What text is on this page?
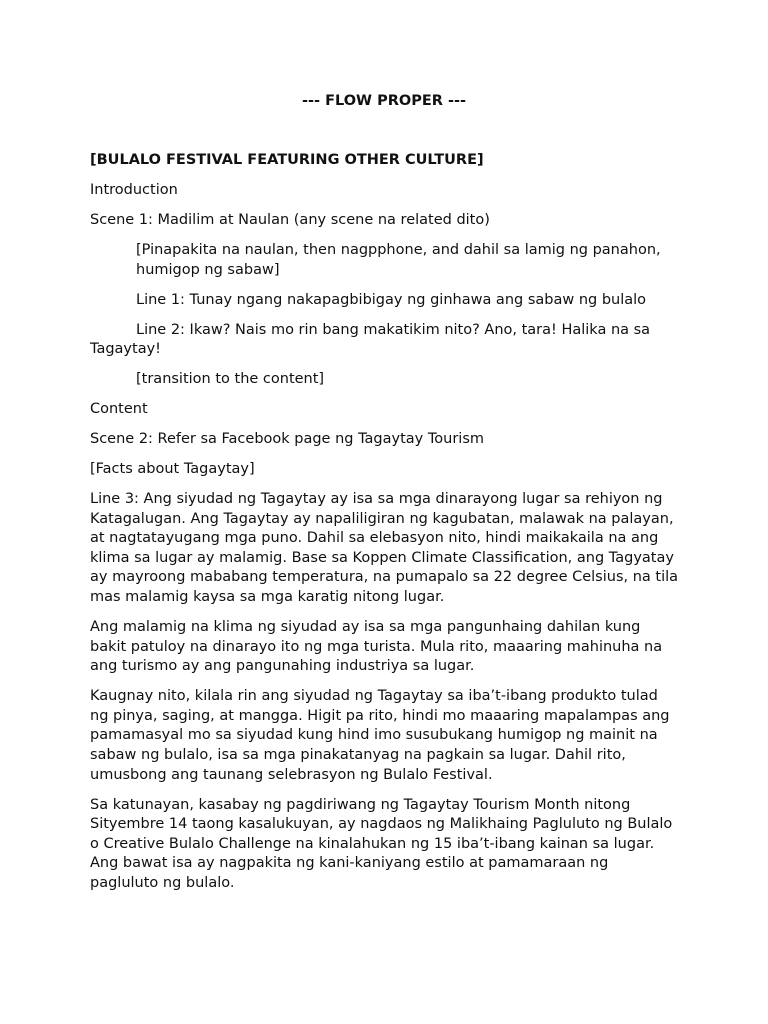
--- FLOW PROPER ---

[BULALO FESTIVAL FEATURING OTHER CULTURE]

Introduction

Scene 1: Madilim at Naulan (any scene na related dito)

[Pinapakita na naulan, then nagpphone, and dahil sa lamig ng panahon, humigop ng sabaw]

Line 1: Tunay ngang nakapagbibigay ng ginhawa ang sabaw ng bulalo

Line 2: Ikaw? Nais mo rin bang makatikim nito? Ano, tara! Halika na sa Tagaytay!

[transition to the content]

Content

Scene 2: Refer sa Facebook page ng Tagaytay Tourism

[Facts about Tagaytay]

Line 3: Ang siyudad ng Tagaytay ay isa sa mga dinarayong lugar sa rehiyon ng Katagalugan. Ang Tagaytay ay napaliligiran ng kagubatan, malawak na palayan, at nagtatayugang mga puno. Dahil sa elebasyon nito, hindi maikakaila na ang klima sa lugar ay malamig. Base sa Koppen Climate Classification, ang Tagyatay ay mayroong mababang temperatura, na pumapalo sa 22 degree Celsius, na tila mas malamig kaysa sa mga karatig nitong lugar.

Ang malamig na klima ng siyudad ay isa sa mga pangunhaing dahilan kung bakit patuloy na dinarayo ito ng mga turista. Mula rito, maaaring mahinuha na ang turismo ay ang pangunahing industriya sa lugar.

Kaugnay nito, kilala rin ang siyudad ng Tagaytay sa iba’t-ibang produkto tulad ng pinya, saging, at mangga. Higit pa rito, hindi mo maaaring mapalampas ang pamamasyal mo sa siyudad kung hind imo susubukang humigop ng mainit na sabaw ng bulalo, isa sa mga pinakatanyag na pagkain sa lugar. Dahil rito, umusbong ang taunang selebrasyon ng Bulalo Festival.

Sa katunayan, kasabay ng pagdiriwang ng Tagaytay Tourism Month nitong Sityembre 14 taong kasalukuyan, ay nagdaos ng Malikhaing Pagluluto ng Bulalo o Creative Bulalo Challenge na kinalahukan ng 15 iba’t-ibang kainan sa lugar. Ang bawat isa ay nagpakita ng kani-kaniyang estilo at pamamaraan ng pagluluto ng bulalo.
